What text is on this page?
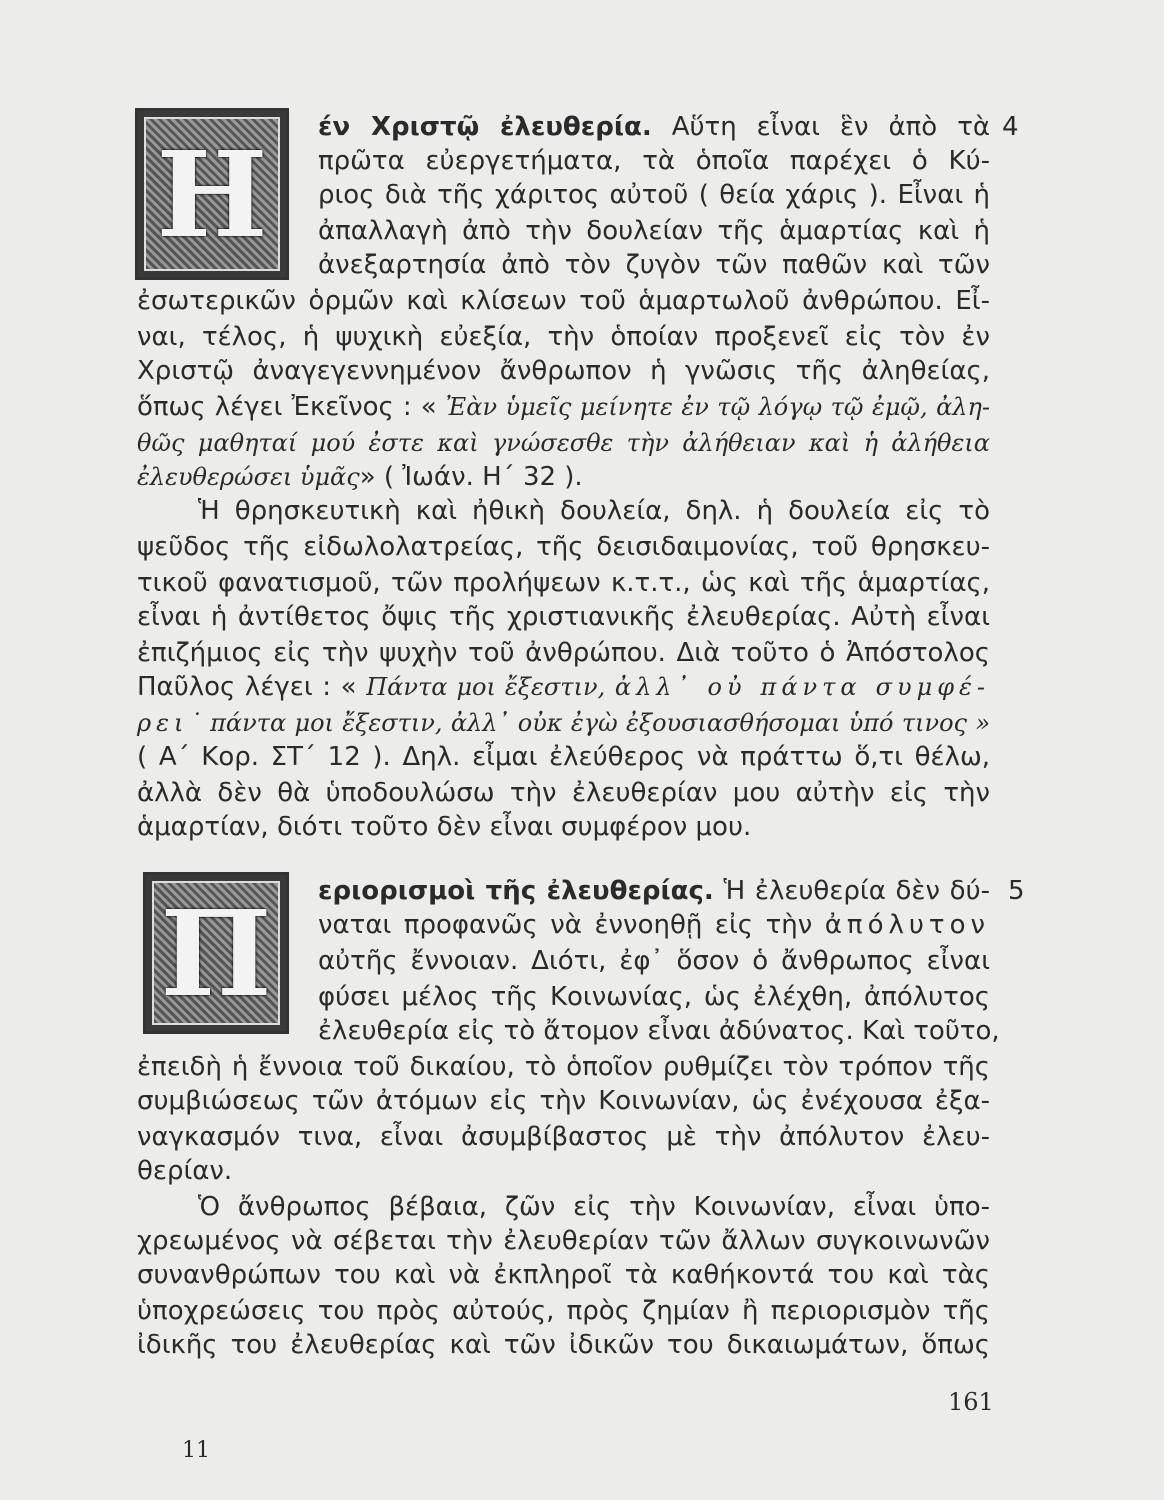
Η	4
έν Χριστῷ ἐλευθερία. Αὕτη εἶναι ἓν ἀπὸ τὰ
πρῶτα εὐεργετήματα, τὰ ὁποῖα παρέχει ὁ Κύ-
ριος διὰ τῆς χάριτος αὐτοῦ ( θεία χάρις ). Εἶναι ἡ
ἀπαλλαγὴ ἀπὸ τὴν δουλείαν τῆς ἁμαρτίας καὶ ἡ
ἀνεξαρτησία ἀπὸ τὸν ζυγὸν τῶν παθῶν καὶ τῶν
ἐσωτερικῶν ὁρμῶν καὶ κλίσεων τοῦ ἁμαρτωλοῦ ἀνθρώπου. Εἶ-
ναι, τέλος, ἡ ψυχικὴ εὐεξία, τὴν ὁποίαν προξενεῖ εἰς τὸν ἐν
Χριστῷ ἀναγεγεννημένον ἄνθρωπον ἡ γνῶσις τῆς ἀληθείας,
ὅπως λέγει Ἐκεῖνος : « Ἐὰν ὑμεῖς μείνητε ἐν τῷ λόγῳ τῷ ἐμῷ, ἀλη-
θῶς μαθηταί μού ἐστε καὶ γνώσεσθε τὴν ἀλήθειαν καὶ ἡ ἀλήθεια
ἐλευθερώσει ὑμᾶς» ( Ἰωάν. Η΄ 32 ).
Ἡ θρησκευτικὴ καὶ ἠθικὴ δουλεία, δηλ. ἡ δουλεία εἰς τὸ
ψεῦδος τῆς εἰδωλολατρείας, τῆς δεισιδαιμονίας, τοῦ θρησκευ-
τικοῦ φανατισμοῦ, τῶν προλήψεων κ.τ.τ., ὡς καὶ τῆς ἁμαρτίας,
εἶναι ἡ ἀντίθετος ὄψις τῆς χριστιανικῆς ἐλευθερίας. Αὐτὴ εἶναι
ἐπιζήμιος εἰς τὴν ψυχὴν τοῦ ἀνθρώπου. Διὰ τοῦτο ὁ Ἀπόστολος
Παῦλος λέγει : « Πάντα μοι ἔξεστιν, ἀλλ᾽ οὐ πάντα συμφέ-
ρει˙ πάντα μοι ἔξεστιν, ἀλλ᾽ οὐκ ἐγὼ ἐξουσιασθήσομαι ὑπό τινος »
( Α΄ Κορ. ΣΤ΄ 12 ). Δηλ. εἶμαι ἐλεύθερος νὰ πράττω ὅ,τι θέλω,
ἀλλὰ δὲν θὰ ὑποδουλώσω τὴν ἐλευθερίαν μου αὐτὴν εἰς τὴν
ἁμαρτίαν, διότι τοῦτο δὲν εἶναι συμφέρον μου.
Π	5
εριορισμοὶ τῆς ἐλευθερίας. Ἡ ἐλευθερία δὲν δύ-
ναται προφανῶς νὰ ἐννοηθῇ εἰς τὴν ἀπόλυτον
αὐτῆς ἔννοιαν. Διότι, ἐφ᾽ ὅσον ὁ ἄνθρωπος εἶναι
φύσει μέλος τῆς Κοινωνίας, ὡς ἐλέχθη, ἀπόλυτος
ἐλευθερία εἰς τὸ ἄτομον εἶναι ἀδύνατος. Καὶ τοῦτο,
ἐπειδὴ ἡ ἔννοια τοῦ δικαίου, τὸ ὁποῖον ρυθμίζει τὸν τρόπον τῆς
συμβιώσεως τῶν ἀτόμων εἰς τὴν Κοινωνίαν, ὡς ἐνέχουσα ἐξα-
ναγκασμόν τινα, εἶναι ἀσυμβίβαστος μὲ τὴν ἀπόλυτον ἐλευ-
θερίαν.
Ὁ ἄνθρωπος βέβαια, ζῶν εἰς τὴν Κοινωνίαν, εἶναι ὑπο-
χρεωμένος νὰ σέβεται τὴν ἐλευθερίαν τῶν ἄλλων συγκοινωνῶν
συνανθρώπων του καὶ νὰ ἐκπληροῖ τὰ καθήκοντά του καὶ τὰς
ὑποχρεώσεις του πρὸς αὐτούς, πρὸς ζημίαν ἢ περιορισμὸν τῆς
ἰδικῆς του ἐλευθερίας καὶ τῶν ἰδικῶν του δικαιωμάτων, ὅπως
161
11
